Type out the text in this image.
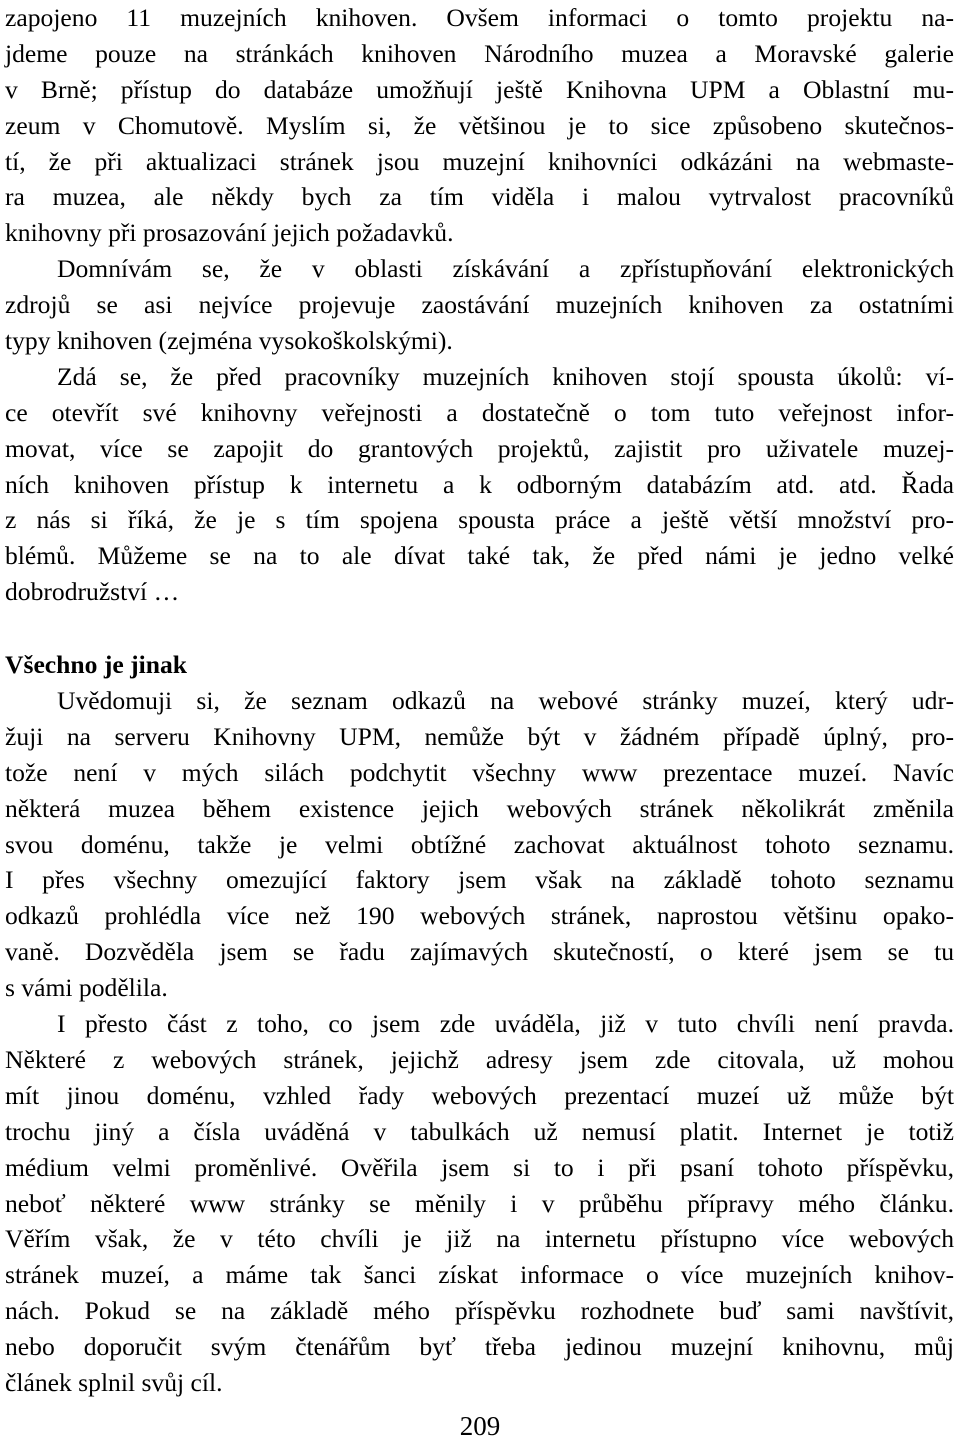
zapojeno 11 muzejních knihoven. Ovšem informaci o tomto projektu na-
jdeme pouze na stránkách knihoven Národního muzea a Moravské galerie
v Brně; přístup do databáze umožňují ještě Knihovna UPM a Oblastní mu-
zeum v Chomutově. Myslím si, že většinou je to sice způsobeno skutečnos-
tí, že při aktualizaci stránek jsou muzejní knihovníci odkázáni na webmaste-
ra muzea, ale někdy bych za tím viděla i malou vytrvalost pracovníků
knihovny při prosazování jejich požadavků.
Domnívám se, že v oblasti získávání a zpřístupňování elektronických
zdrojů se asi nejvíce projevuje zaostávání muzejních knihoven za ostatními
typy knihoven (zejména vysokoškolskými).
Zdá se, že před pracovníky muzejních knihoven stojí spousta úkolů: ví-
ce otevřít své knihovny veřejnosti a dostatečně o tom tuto veřejnost infor-
movat, více se zapojit do grantových projektů, zajistit pro uživatele muzej-
ních knihoven přístup k internetu a k odborným databázím atd. atd. Řada
z nás si říká, že je s tím spojena spousta práce a ještě větší množství pro-
blémů. Můžeme se na to ale dívat také tak, že před námi je jedno velké
dobrodružství …
Všechno je jinak
Uvědomuji si, že seznam odkazů na webové stránky muzeí, který udr-
žuji na serveru Knihovny UPM, nemůže být v žádném případě úplný, pro-
tože není v mých silách podchytit všechny www prezentace muzeí. Navíc
některá muzea během existence jejich webových stránek několikrát změnila
svou doménu, takže je velmi obtížné zachovat aktuálnost tohoto seznamu.
I přes všechny omezující faktory jsem však na základě tohoto seznamu
odkazů prohlédla více než 190 webových stránek, naprostou většinu opako-
vaně. Dozvěděla jsem se řadu zajímavých skutečností, o které jsem se tu
s vámi podělila.
I přesto část z toho, co jsem zde uváděla, již v tuto chvíli není pravda.
Některé z webových stránek, jejichž adresy jsem zde citovala, už mohou
mít jinou doménu, vzhled řady webových prezentací muzeí už může být
trochu jiný a čísla uváděná v tabulkách už nemusí platit. Internet je totiž
médium velmi proměnlivé. Ověřila jsem si to i při psaní tohoto příspěvku,
neboť některé www stránky se měnily i v průběhu přípravy mého článku.
Věřím však, že v této chvíli je již na internetu přístupno více webových
stránek muzeí, a máme tak šanci získat informace o více muzejních knihov-
nách. Pokud se na základě mého příspěvku rozhodnete buď sami navštívit,
nebo doporučit svým čtenářům byť třeba jedinou muzejní knihovnu, můj
článek splnil svůj cíl.
209
